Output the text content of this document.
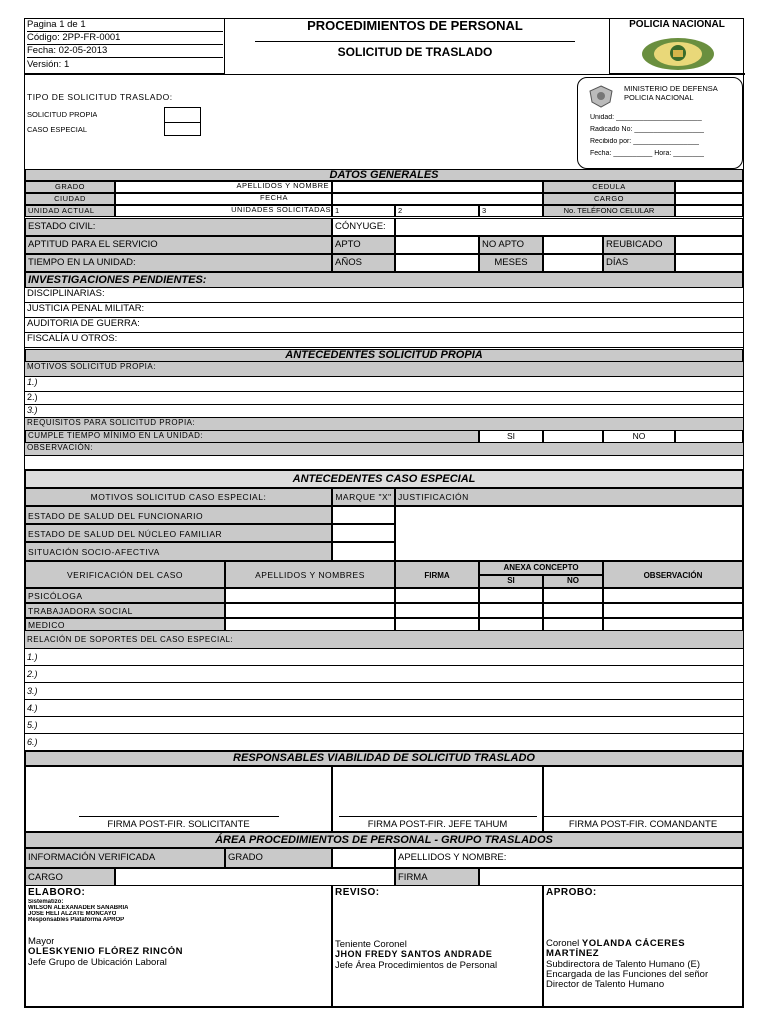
Pagina 1 de 1
Código: 2PP-FR-0001
Fecha: 02-05-2013
Versión: 1
PROCEDIMIENTOS DE PERSONAL
SOLICITUD DE TRASLADO
POLICIA NACIONAL
TIPO DE SOLICITUD TRASLADO:
SOLICITUD PROPIA
CASO ESPECIAL
MINISTERIO DE DEFENSA
POLICIA NACIONAL
Unidad: ______________________
Radicado No: __________________
Recibido por: _________________
Fecha: __________ Hora: ________
DATOS GENERALES
GRADO	APELLIDOS Y NOMBRE	CEDULA
CIUDAD	FECHA	CARGO
UNIDAD ACTUAL	UNIDADES SOLICITADAS 1	2	3	No. TELÉFONO CELULAR
ESTADO CIVIL:	CÓNYUGE:
APTITUD PARA EL SERVICIO	APTO	NO APTO	REUBICADO
TIEMPO EN LA UNIDAD:	AÑOS	MESES	DÍAS
INVESTIGACIONES PENDIENTES:
DISCIPLINARIAS:
JUSTICIA PENAL MILITAR:
AUDITORIA DE GUERRA:
FISCALÍA U OTROS:
ANTECEDENTES SOLICITUD PROPIA
MOTIVOS SOLICITUD PROPIA:
1.)
2.)
3.)
REQUISITOS PARA SOLICITUD PROPIA:
CUMPLE TIEMPO MÍNIMO EN LA UNIDAD:	SI	NO
OBSERVACIÓN:
ANTECEDENTES CASO ESPECIAL
MOTIVOS SOLICITUD CASO ESPECIAL:	MARQUE "X" JUSTIFICACIÓN
ESTADO DE SALUD DEL FUNCIONARIO
ESTADO DE SALUD DEL NÚCLEO FAMILIAR
SITUACIÓN SOCIO-AFECTIVA
VERIFICACIÓN DEL CASO	APELLIDOS Y NOMBRES	FIRMA
ANEXA CONCEPTO
SI	NO
OBSERVACIÓN
PSICÓLOGA
TRABAJADORA SOCIAL
MEDICO
RELACIÓN DE SOPORTES DEL CASO ESPECIAL:
1.)
2.)
3.)
4.)
5.)
6.)
RESPONSABLES VIABILIDAD DE SOLICITUD TRASLADO
FIRMA POST-FIR. SOLICITANTE	FIRMA POST-FIR. JEFE TAHUM	FIRMA POST-FIR. COMANDANTE
ÁREA PROCEDIMIENTOS DE PERSONAL - GRUPO TRASLADOS
INFORMACIÓN VERIFICADA	GRADO	APELLIDOS Y NOMBRE:
CARGO	FIRMA
ELABORO:
Sistematizo:
WILSON ALEXANADER SANABRIA
JOSE HELI ALZATE MONCAYO
Responsables Plataforma APROP
Mayor
OLESKYENIO FLÓREZ RINCÓN
Jefe Grupo de Ubicación Laboral
REVISO:
Teniente Coronel
JHON FREDY SANTOS ANDRADE
Jefe Área Procedimientos de Personal
APROBÓ:
Coronel YOLANDA CÁCERES
MARTÍNEZ
Subdirectora de Talento Humano (E)
Encargada de las Funciones del señor
Director de Talento Humano
